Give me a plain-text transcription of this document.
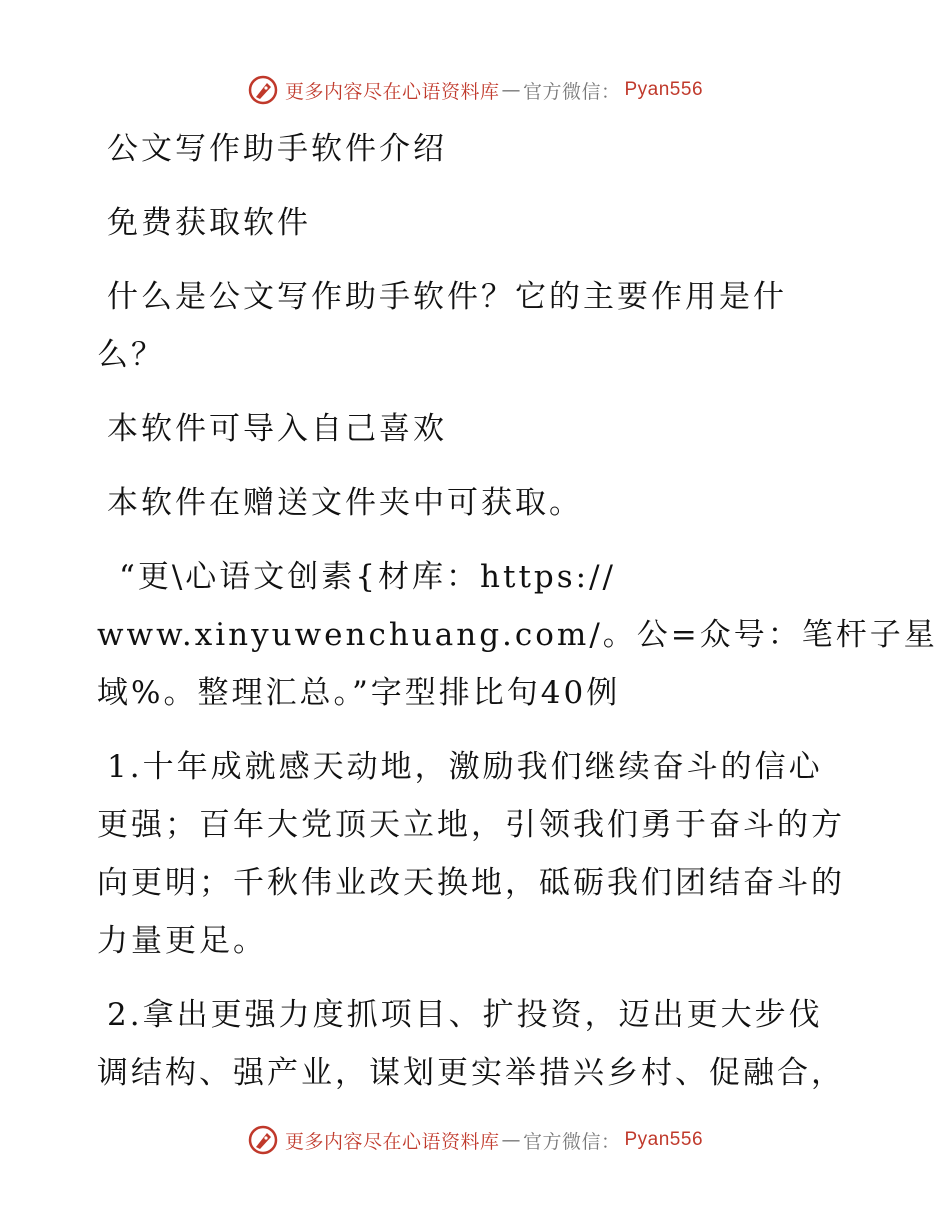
更多内容尽在心语资料库 — 官方微信： Pyan556
公文写作助手软件介绍
免费获取软件
什么是公文写作助手软件？它的主要作用是什
么？
本软件可导入自己喜欢
本软件在赠送文件夹中可获取。
“更\心语文创素{材库：https://
www.xinyuwenchuang.com/。公=众号：笔杆子星
域%。整理汇总。”字型排比句40例
1.十年成就感天动地，激励我们继续奋斗的信心
更强；百年大党顶天立地，引领我们勇于奋斗的方
向更明；千秋伟业改天换地，砥砺我们团结奋斗的
力量更足。
2.拿出更强力度抓项目、扩投资，迈出更大步伐
调结构、强产业，谋划更实举措兴乡村、促融合，
更多内容尽在心语资料库 — 官方微信： Pyan556
